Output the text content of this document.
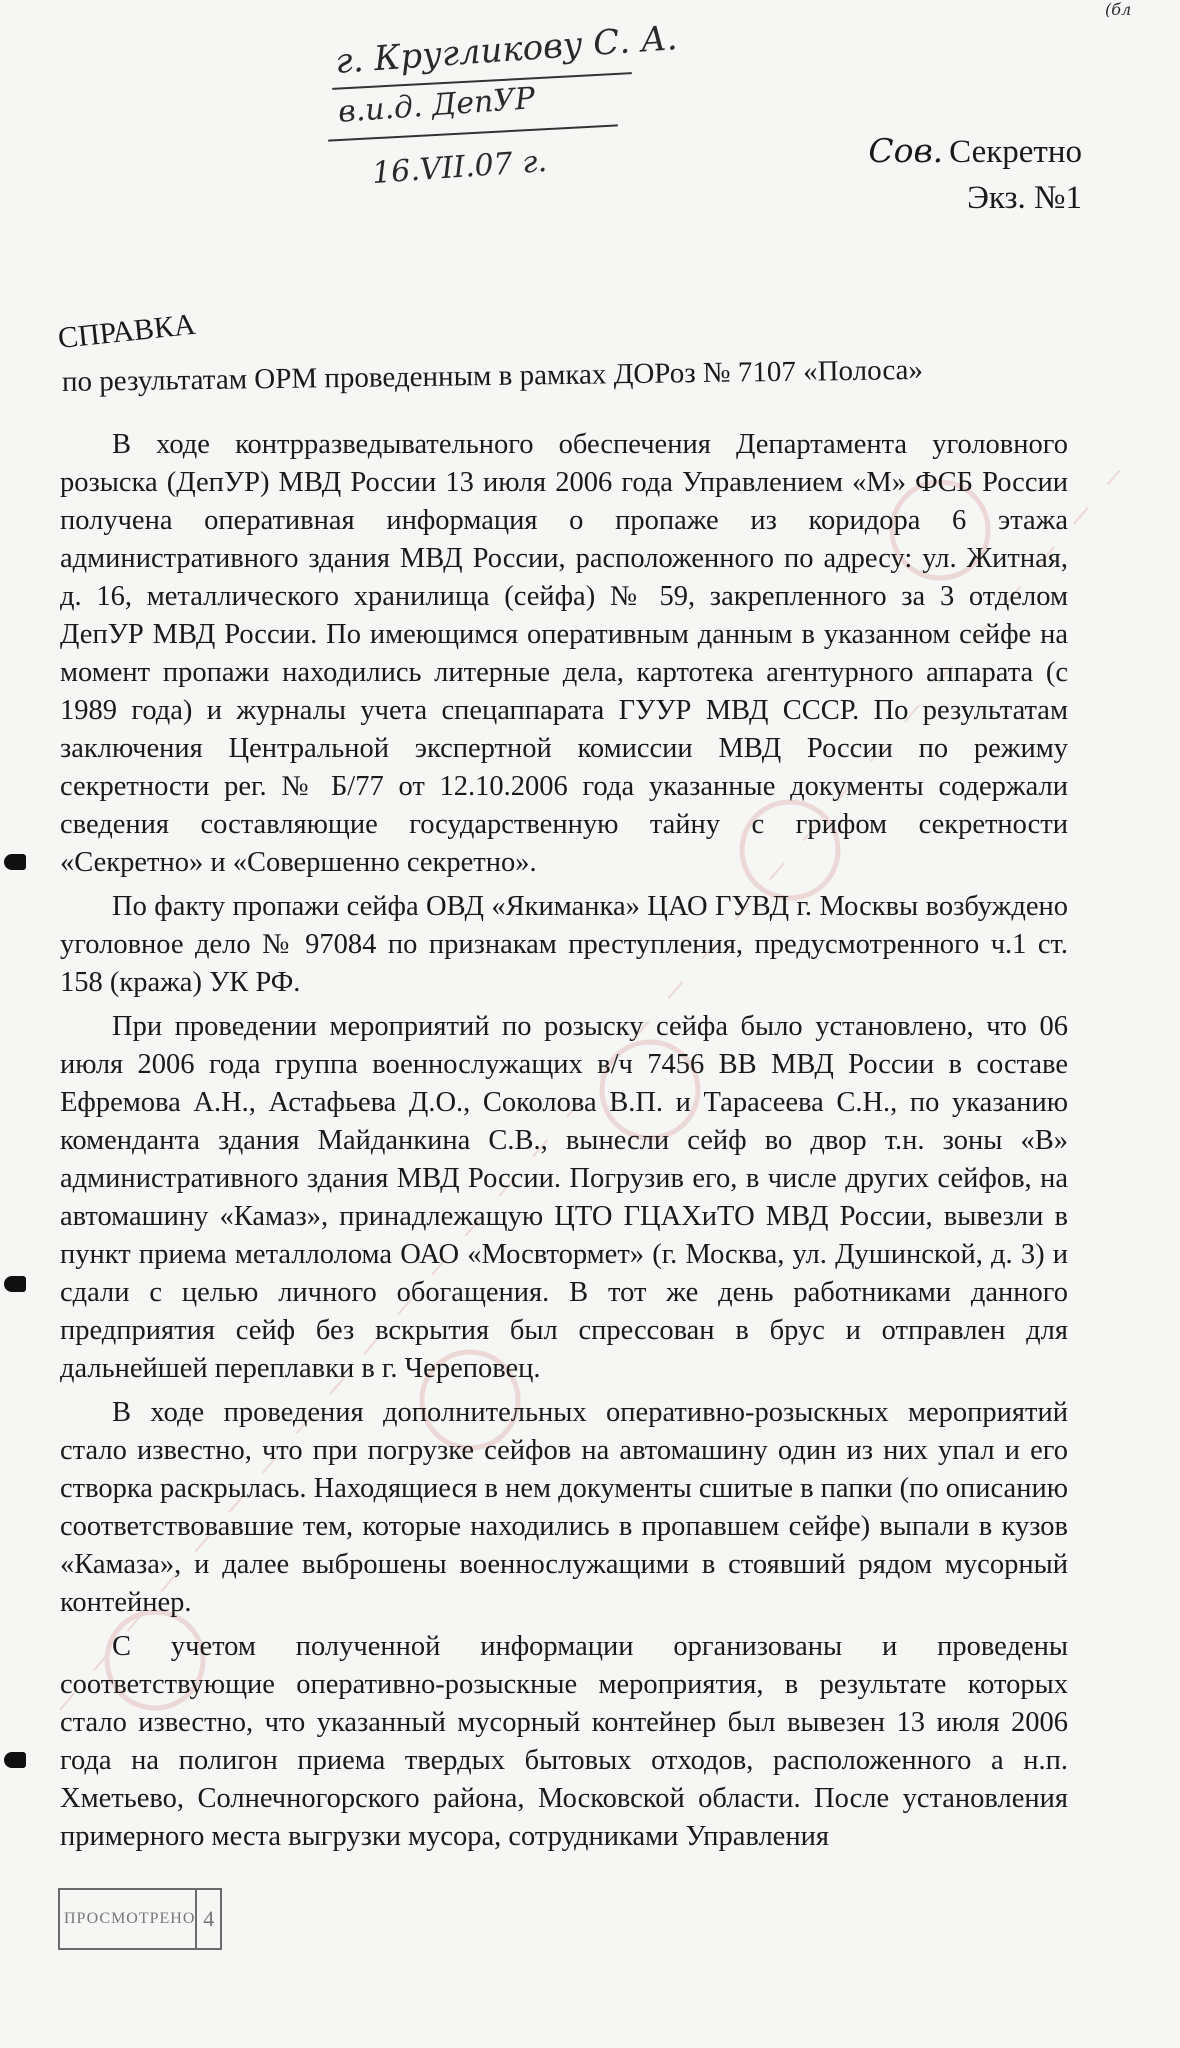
г. Кругликову С. А.
в.и.д. ДепУР
16.VII.07 г.
(бл
Сов. Секретно
Экз. №1
СПРАВКА
по результатам ОРМ проведенным в рамках ДОРоз № 7107 «Полоса»

В ходе контрразведывательного обеспечения Департамента уголовного розыска (ДепУР) МВД России 13 июля 2006 года Управлением «М» ФСБ России получена оперативная информация о пропаже из коридора 6 этажа административного здания МВД России, расположенного по адресу: ул. Житная, д. 16, металлического хранилища (сейфа) № 59, закрепленного за 3 отделом ДепУР МВД России. По имеющимся оперативным данным в указанном сейфе на момент пропажи находились литерные дела, картотека агентурного аппарата (с 1989 года) и журналы учета спецаппарата ГУУР МВД СССР. По результатам заключения Центральной экспертной комиссии МВД России по режиму секретности рег. № Б/77 от 12.10.2006 года указанные документы содержали сведения составляющие государственную тайну с грифом секретности «Секретно» и «Совершенно секретно».

По факту пропажи сейфа ОВД «Якиманка» ЦАО ГУВД г. Москвы возбуждено уголовное дело № 97084 по признакам преступления, предусмотренного ч.1 ст. 158 (кража) УК РФ.

При проведении мероприятий по розыску сейфа было установлено, что 06 июля 2006 года группа военнослужащих в/ч 7456 ВВ МВД России в составе Ефремова А.Н., Астафьева Д.О., Соколова В.П. и Тарасеева С.Н., по указанию коменданта здания Майданкина С.В., вынесли сейф во двор т.н. зоны «В» административного здания МВД России. Погрузив его, в числе других сейфов, на автомашину «Камаз», принадлежащую ЦТО ГЦАХиТО МВД России, вывезли в пункт приема металлолома ОАО «Мосвтормет» (г. Москва, ул. Душинской, д. 3) и сдали с целью личного обогащения. В тот же день работниками данного предприятия сейф без вскрытия был спрессован в брус и отправлен для дальнейшей переплавки в г. Череповец.

В ходе проведения дополнительных оперативно-розыскных мероприятий стало известно, что при погрузке сейфов на автомашину один из них упал и его створка раскрылась. Находящиеся в нем документы сшитые в папки (по описанию соответствовавшие тем, которые находились в пропавшем сейфе) выпали в кузов «Камаза», и далее выброшены военнослужащими в стоявший рядом мусорный контейнер.

С учетом полученной информации организованы и проведены соответствующие оперативно-розыскные мероприятия, в результате которых стало известно, что указанный мусорный контейнер был вывезен 13 июля 2006 года на полигон приема твердых бытовых отходов, расположенного а н.п. Хметьево, Солнечногорского района, Московской области. После установления примерного места выгрузки мусора, сотрудниками Управления

ПРОСМОТРЕНО 4
